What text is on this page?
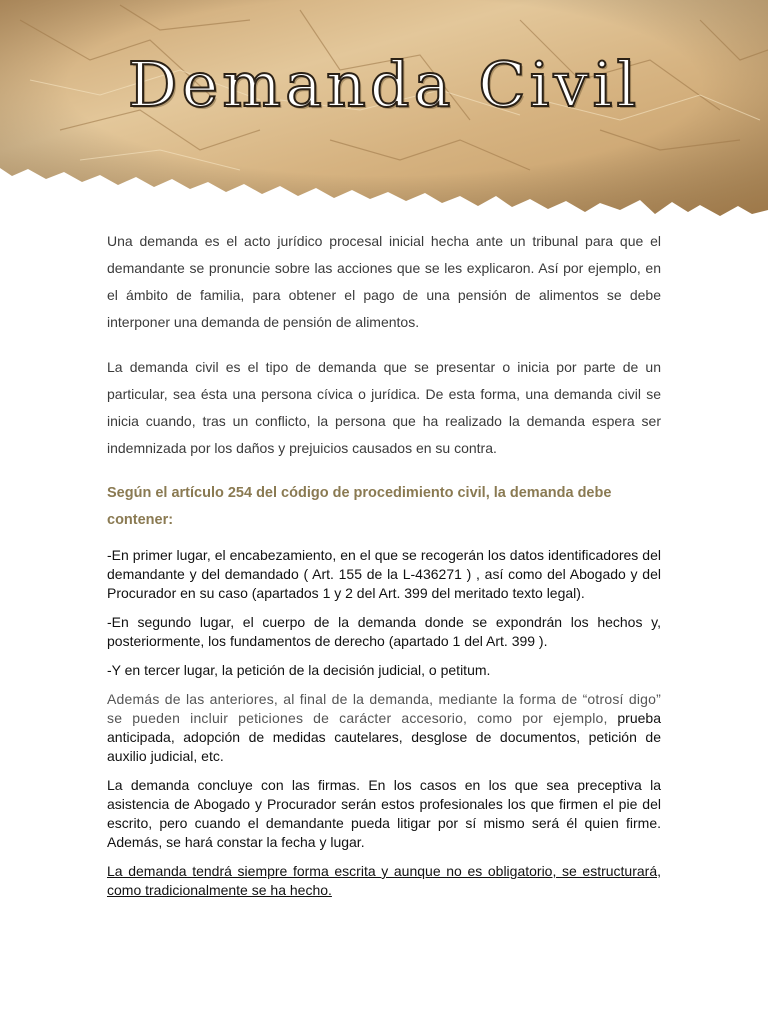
Demanda Civil

Una demanda es el acto jurídico procesal inicial hecha ante un tribunal para que el demandante se pronuncie sobre las acciones que se les explicaron. Así por ejemplo, en el ámbito de familia, para obtener el pago de una pensión de alimentos se debe interponer una demanda de pensión de alimentos.

La demanda civil es el tipo de demanda que se presentar o inicia por parte de un particular, sea ésta una persona cívica o jurídica. De esta forma, una demanda civil se inicia cuando, tras un conflicto, la persona que ha realizado la demanda espera ser indemnizada por los daños y prejuicios causados en su contra.

Según el artículo 254 del código de procedimiento civil, la demanda debe contener:

-En primer lugar, el encabezamiento, en el que se recogerán los datos identificadores del demandante y del demandado ( Art. 155 de la L-436271 ) , así como del Abogado y del Procurador en su caso (apartados 1 y 2 del Art. 399 del meritado texto legal).

-En segundo lugar, el cuerpo de la demanda donde se expondrán los hechos y, posteriormente, los fundamentos de derecho (apartado 1 del Art. 399 ).

-Y en tercer lugar, la petición de la decisión judicial, o petitum.

Además de las anteriores, al final de la demanda, mediante la forma de “otrosí digo” se pueden incluir peticiones de carácter accesorio, como por ejemplo, prueba anticipada, adopción de medidas cautelares, desglose de documentos, petición de auxilio judicial, etc.

La demanda concluye con las firmas. En los casos en los que sea preceptiva la asistencia de Abogado y Procurador serán estos profesionales los que firmen el pie del escrito, pero cuando el demandante pueda litigar por sí mismo será él quien firme. Además, se hará constar la fecha y lugar.

La demanda tendrá siempre forma escrita y aunque no es obligatorio, se estructurará, como tradicionalmente se ha hecho.
